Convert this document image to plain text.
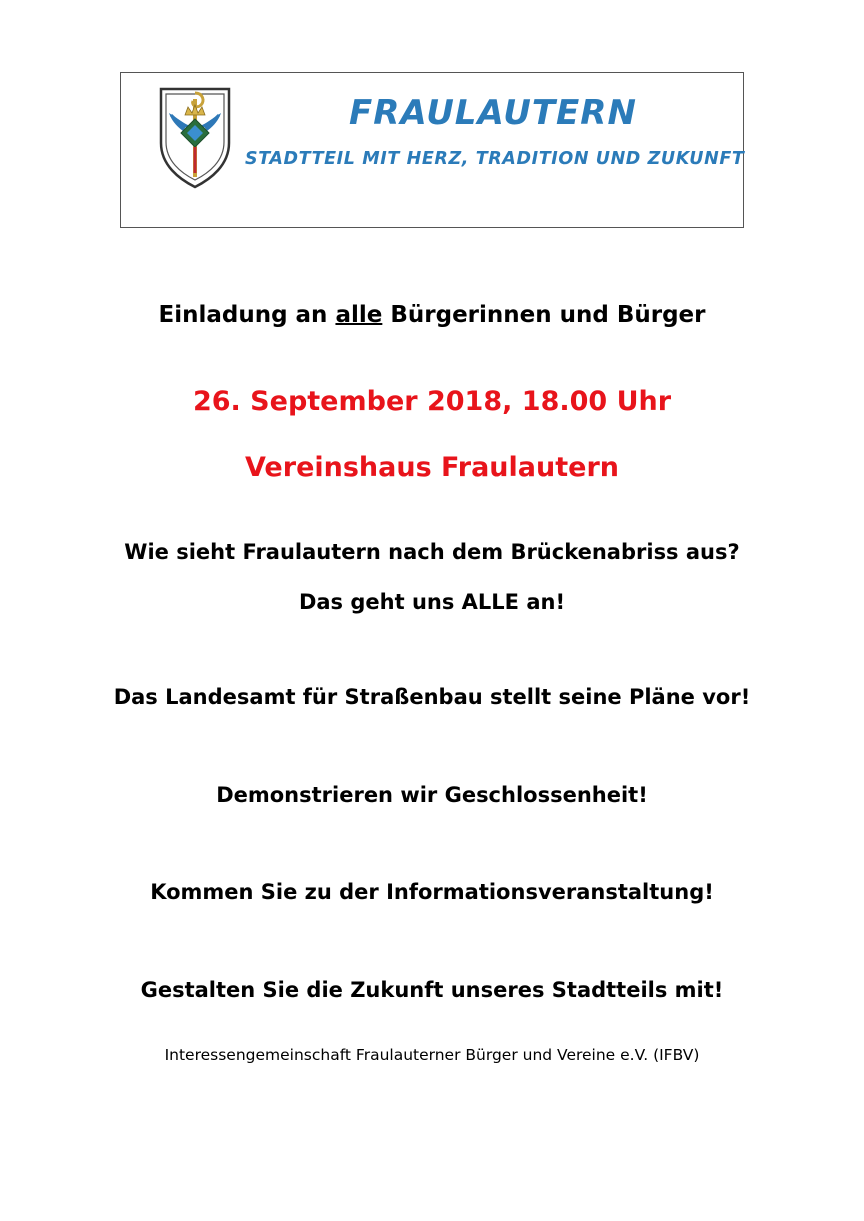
FRAULAUTERN
STADTTEIL MIT HERZ, TRADITION UND ZUKUNFT
Einladung an alle Bürgerinnen und Bürger
26. September 2018, 18.00 Uhr
Vereinshaus Fraulautern
Wie sieht Fraulautern nach dem Brückenabriss aus?
Das geht uns ALLE an!
Das Landesamt für Straßenbau stellt seine Pläne vor!
Demonstrieren wir Geschlossenheit!
Kommen Sie zu der Informationsveranstaltung!
Gestalten Sie die Zukunft unseres Stadtteils mit!
Interessengemeinschaft Fraulauterner Bürger und Vereine e.V. (IFBV)
